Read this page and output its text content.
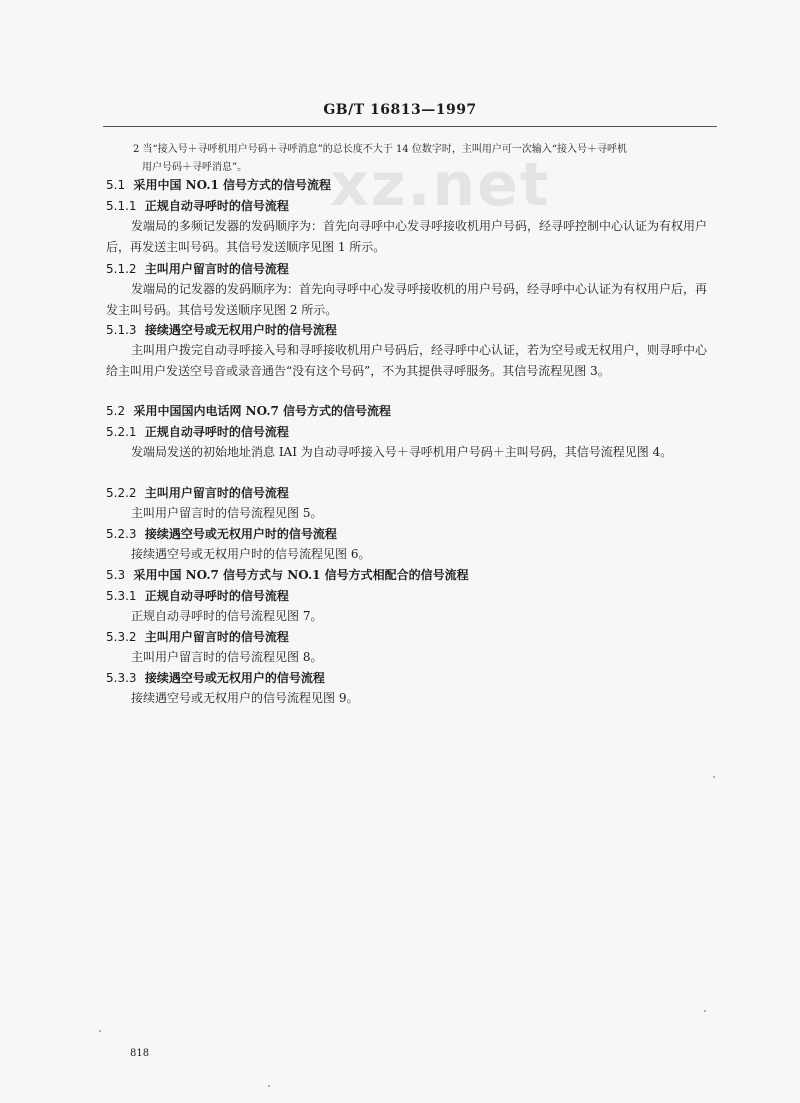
xz.net
GB/T 16813—1997
2 当“接入号＋寻呼机用户号码＋寻呼消息”的总长度不大于 14 位数字时，主叫用户可一次输入“接入号＋寻呼机
用户号码＋寻呼消息”。
5.1 采用中国 NO.1 信号方式的信号流程
5.1.1 正规自动寻呼时的信号流程
发端局的多频记发器的发码顺序为：首先向寻呼中心发寻呼接收机用户号码，经寻呼控制中心认证为有权用户后，再发送主叫号码。其信号发送顺序见图 1 所示。
5.1.2 主叫用户留言时的信号流程
发端局的记发器的发码顺序为：首先向寻呼中心发寻呼接收机的用户号码，经寻呼中心认证为有权用户后，再发主叫号码。其信号发送顺序见图 2 所示。
5.1.3 接续遇空号或无权用户时的信号流程
主叫用户拨完自动寻呼接入号和寻呼接收机用户号码后，经寻呼中心认证，若为空号或无权用户，则寻呼中心给主叫用户发送空号音或录音通告“没有这个号码”，不为其提供寻呼服务。其信号流程见图 3。
5.2 采用中国国内电话网 NO.7 信号方式的信号流程
5.2.1 正规自动寻呼时的信号流程
发端局发送的初始地址消息 IAI 为自动寻呼接入号＋寻呼机用户号码＋主叫号码，其信号流程见图 4。
5.2.2 主叫用户留言时的信号流程
主叫用户留言时的信号流程见图 5。
5.2.3 接续遇空号或无权用户时的信号流程
接续遇空号或无权用户时的信号流程见图 6。
5.3 采用中国 NO.7 信号方式与 NO.1 信号方式相配合的信号流程
5.3.1 正规自动寻呼时的信号流程
正规自动寻呼时的信号流程见图 7。
5.3.2 主叫用户留言时的信号流程
主叫用户留言时的信号流程见图 8。
5.3.3 接续遇空号或无权用户的信号流程
接续遇空号或无权用户的信号流程见图 9。
818
